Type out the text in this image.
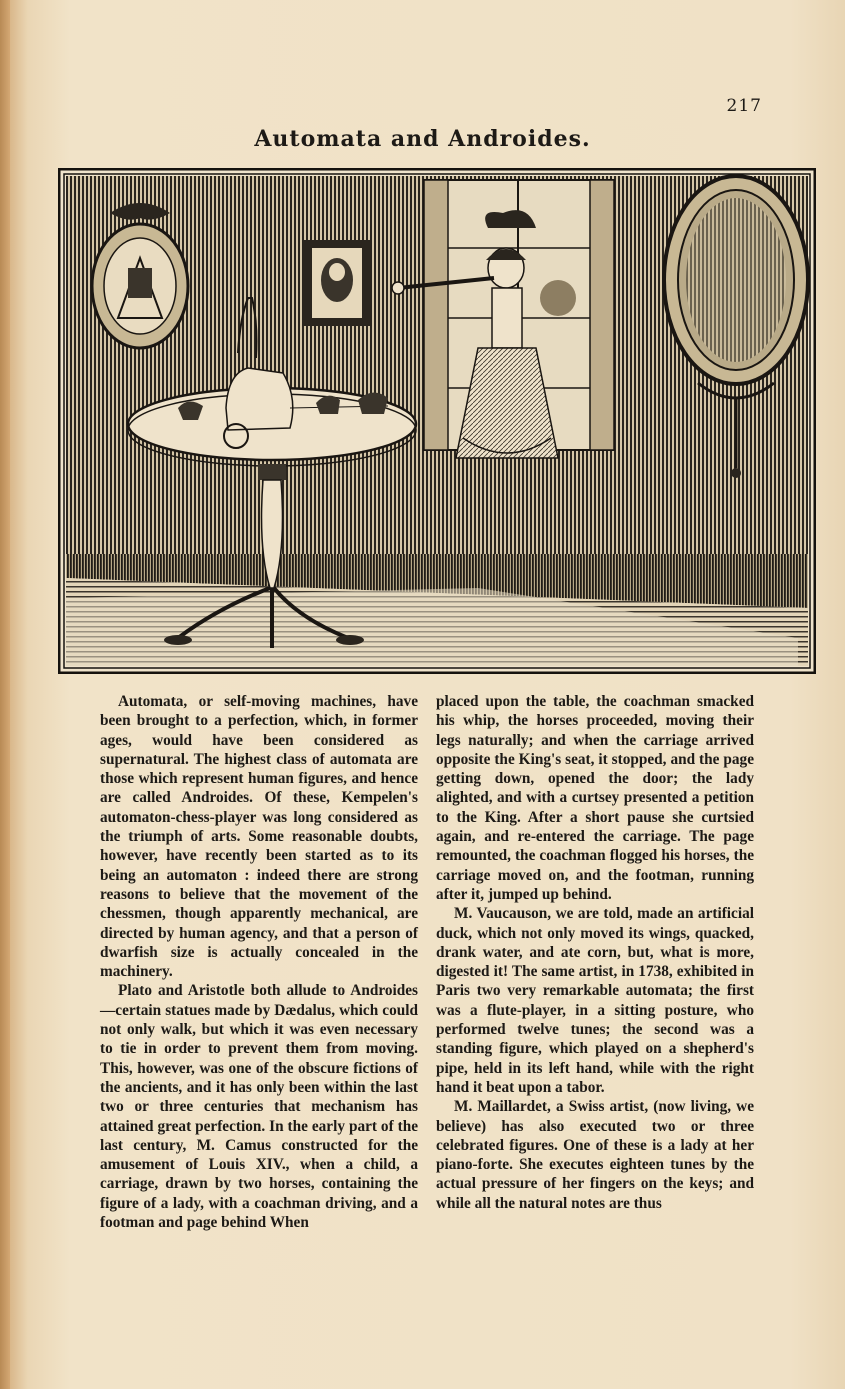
217
Automata and Androides.

Automata, or self-moving machines, have been brought to a perfection, which, in former ages, would have been considered as supernatural. The highest class of automata are those which represent human figures, and hence are called Androides. Of these, Kempelen's automaton-chess-player was long considered as the triumph of arts. Some reasonable doubts, however, have recently been started as to its being an automaton : indeed there are strong reasons to believe that the movement of the chessmen, though apparently mechanical, are directed by human agency, and that a person of dwarfish size is actually concealed in the machinery.

Plato and Aristotle both allude to Androides—certain statues made by Dædalus, which could not only walk, but which it was even necessary to tie in order to prevent them from moving. This, however, was one of the obscure fictions of the ancients, and it has only been within the last two or three centuries that mechanism has attained great perfection. In the early part of the last century, M. Camus constructed for the amusement of Louis XIV., when a child, a carriage, drawn by two horses, containing the figure of a lady, with a coachman driving, and a footman and page behind When

placed upon the table, the coachman smacked his whip, the horses proceeded, moving their legs naturally; and when the carriage arrived opposite the King's seat, it stopped, and the page getting down, opened the door; the lady alighted, and with a curtsey presented a petition to the King. After a short pause she curtsied again, and re-entered the carriage. The page remounted, the coachman flogged his horses, the carriage moved on, and the footman, running after it, jumped up behind.

M. Vaucauson, we are told, made an artificial duck, which not only moved its wings, quacked, drank water, and ate corn, but, what is more, digested it! The same artist, in 1738, exhibited in Paris two very remarkable automata; the first was a flute-player, in a sitting posture, who performed twelve tunes; the second was a standing figure, which played on a shepherd's pipe, held in its left hand, while with the right hand it beat upon a tabor.

M. Maillardet, a Swiss artist, (now living, we believe) has also executed two or three celebrated figures. One of these is a lady at her piano-forte. She executes eighteen tunes by the actual pressure of her fingers on the keys; and while all the natural notes are thus
